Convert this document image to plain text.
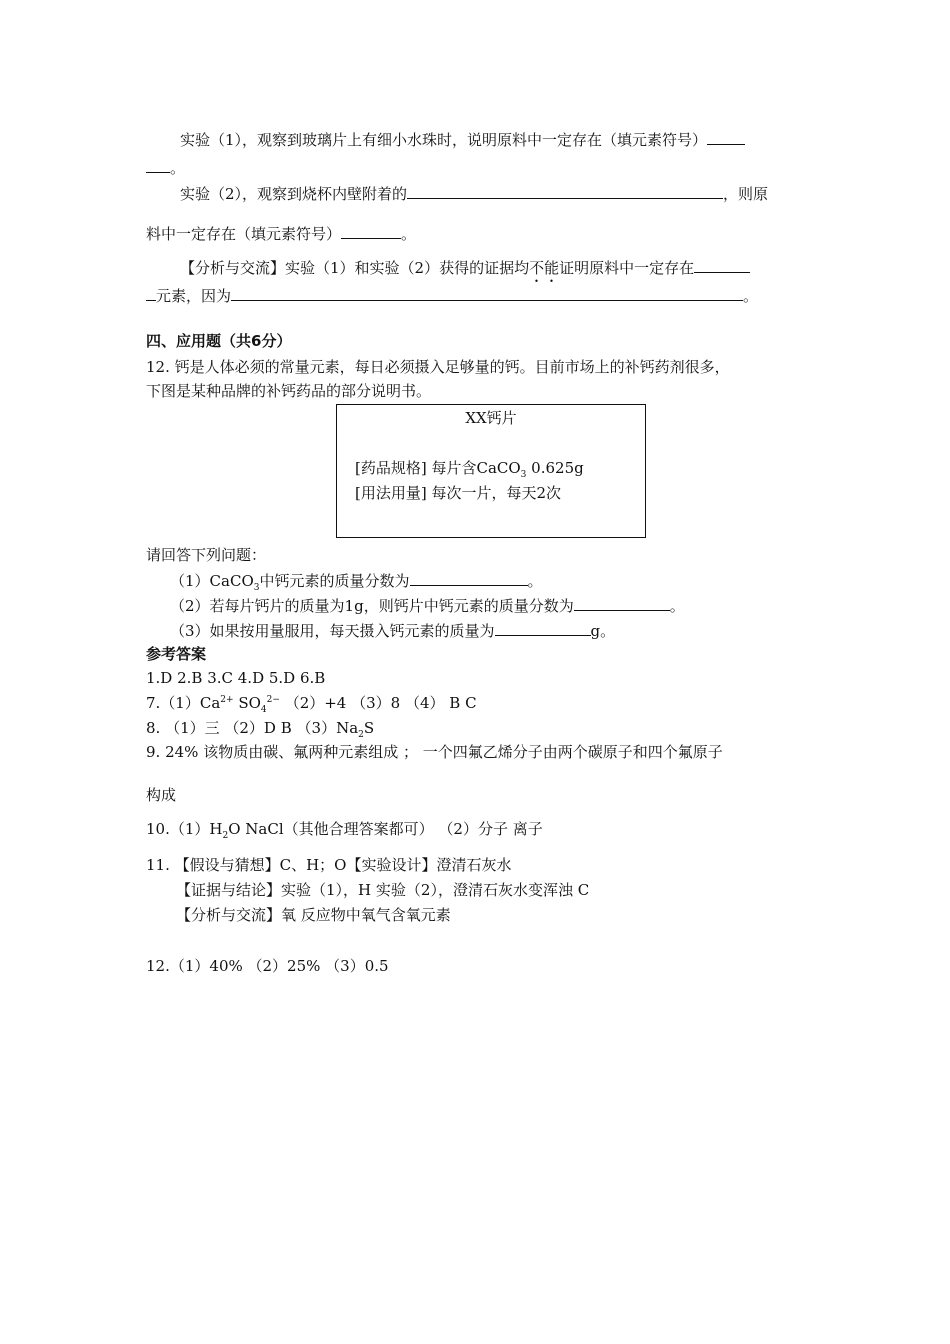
实验（1），观察到玻璃片上有细小水珠时，说明原料中一定存在（填元素符号）
。
实验（2），观察到烧杯内壁附着的	，则原
料中一定存在（填元素符号）	。
【分析与交流】实验（1）和实验（2）获得的证据均不能证明原料中一定存在
元素，因为	。
四、应用题（共6分）
12. 钙是人体必须的常量元素，每日必须摄入足够量的钙。目前市场上的补钙药剂很多，
下图是某种品牌的补钙药品的部分说明书。
XX钙片
[药品规格] 每片含CaCO$_3$ 0.625g
[用法用量] 每次一片，每天2次
请回答下列问题：
（1）CaCO$_3$中钙元素的质量分数为	。
（2）若每片钙片的质量为1g，则钙片中钙元素的质量分数为	。
（3）如果按用量服用，每天摄入钙元素的质量为	g。
参考答案
1.D 2.B 3.C 4.D 5.D 6.B
$7.(1)Ca^{2+}$ $SO_4^{2-}$ （2）+4 （3）8 （4） B C
8. （1）三 （2）D B $(3)Na_2S$
9. 24% 该物质由碳、氟两种元素组成 ； 一个四氟乙烯分子由两个碳原子和四个氟原子
构成
$10.(1)H_2O$ NaCl（其他合理答案都可） （2）分子 离子
11. 【假设与猜想】C、H；O【实验设计】澄清石灰水
【证据与结论】实验（1），H 实验（2），澄清石灰水变浑浊 C
【分析与交流】氧 反应物中氧气含氧元素
12.（1）40% （2）25% （3）0.5
